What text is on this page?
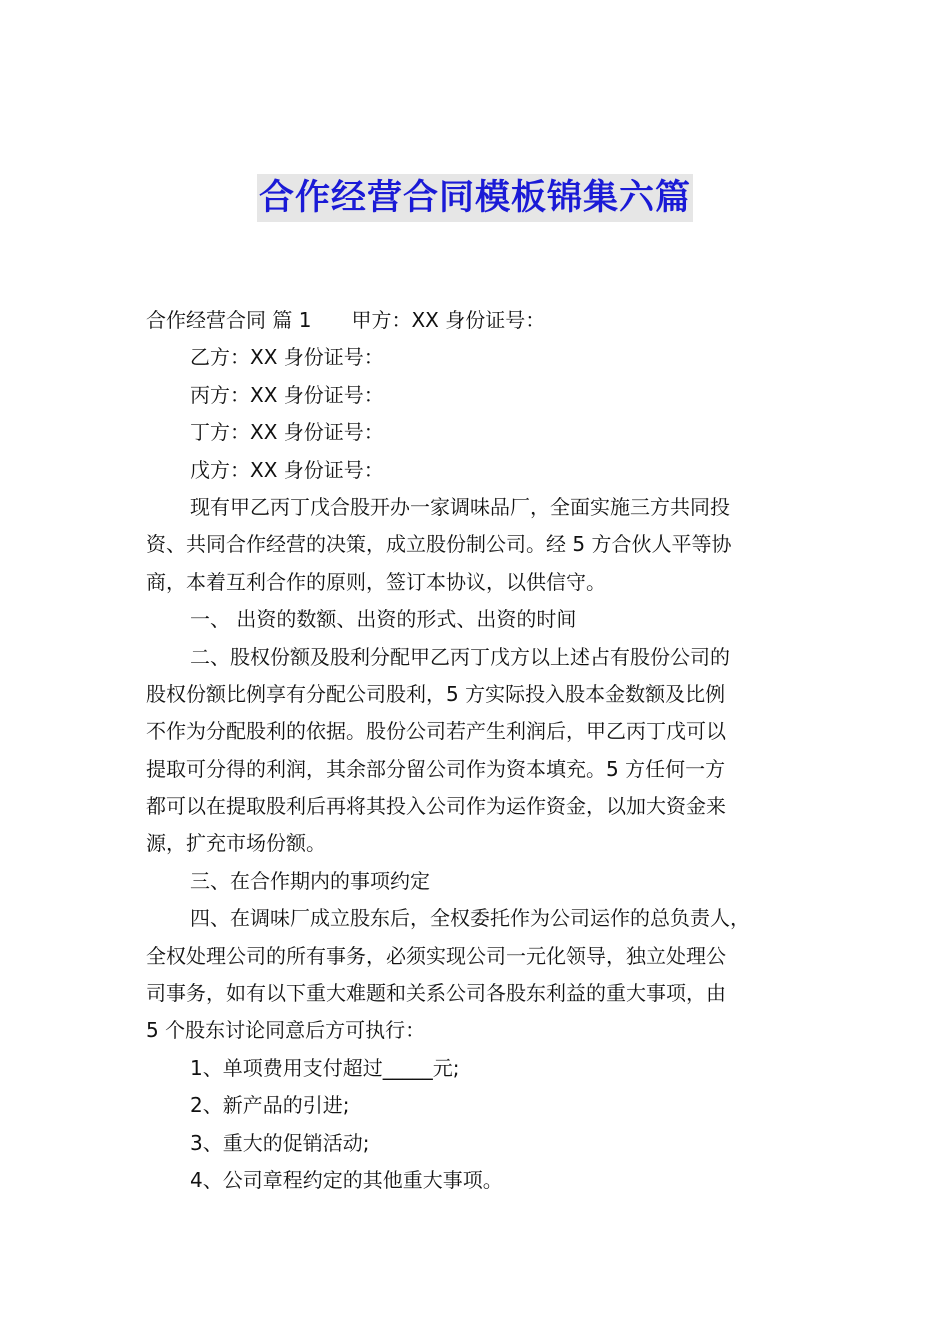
合作经营合同模板锦集六篇
合作经营合同 篇 1 甲方：XX 身份证号：
乙方：XX 身份证号：
丙方：XX 身份证号：
丁方：XX 身份证号：
戊方：XX 身份证号：
现有甲乙丙丁戊合股开办一家调味品厂，全面实施三方共同投
资、共同合作经营的决策，成立股份制公司。经 5 方合伙人平等协
商，本着互利合作的原则，签订本协议，以供信守。
一、 出资的数额、出资的形式、出资的时间
二、股权份额及股利分配甲乙丙丁戊方以上述占有股份公司的
股权份额比例享有分配公司股利，5 方实际投入股本金数额及比例
不作为分配股利的依据。股份公司若产生利润后，甲乙丙丁戊可以
提取可分得的利润，其余部分留公司作为资本填充。5 方任何一方
都可以在提取股利后再将其投入公司作为运作资金，以加大资金来
源，扩充市场份额。
三、在合作期内的事项约定
四、在调味厂成立股东后，全权委托作为公司运作的总负责人，
全权处理公司的所有事务，必须实现公司一元化领导，独立处理公
司事务，如有以下重大难题和关系公司各股东利益的重大事项，由
5 个股东讨论同意后方可执行：
1、单项费用支付超过_____元;
2、新产品的引进;
3、重大的促销活动;
4、公司章程约定的其他重大事项。
